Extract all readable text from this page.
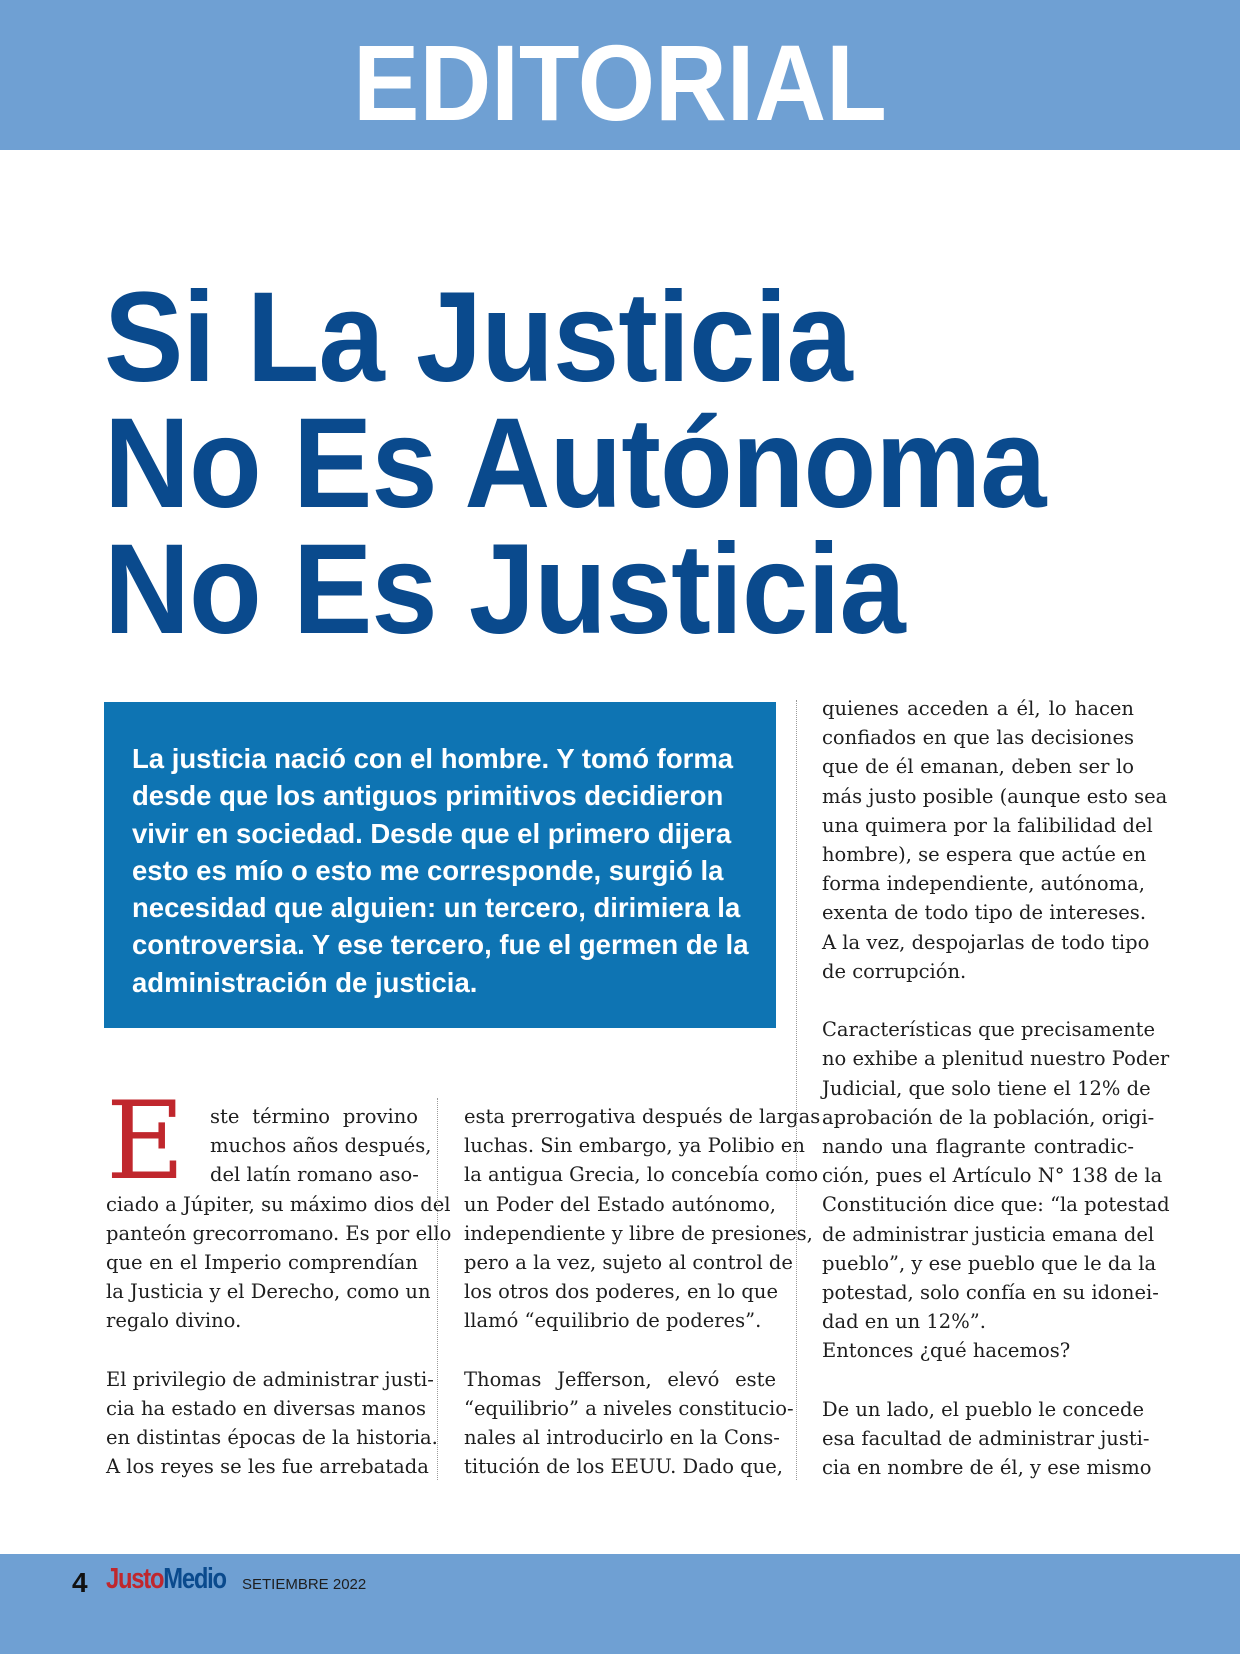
EDITORIAL
Si La Justicia
No Es Autónoma
No Es Justicia
La justicia nació con el hombre. Y tomó forma
desde que los antiguos primitivos decidieron
vivir en sociedad. Desde que el primero dijera
esto es mío o esto me corresponde, surgió la
necesidad que alguien: un tercero, dirimiera la
controversia. Y ese tercero, fue el germen de la
administración de justicia.
E ste término provino
muchos años después,
del latín romano aso-
ciado a Júpiter, su máximo dios del
panteón grecorromano. Es por ello
que en el Imperio comprendían
la Justicia y el Derecho, como un
regalo divino.
El privilegio de administrar justi-
cia ha estado en diversas manos
en distintas épocas de la historia.
A los reyes se les fue arrebatada
esta prerrogativa después de largas
luchas. Sin embargo, ya Polibio en
la antigua Grecia, lo concebía como
un Poder del Estado autónomo,
independiente y libre de presiones,
pero a la vez, sujeto al control de
los otros dos poderes, en lo que
llamó “equilibrio de poderes”.
Thomas Jefferson, elevó este
“equilibrio” a niveles constitucio-
nales al introducirlo en la Cons-
titución de los EEUU. Dado que,
quienes acceden a él, lo hacen
confiados en que las decisiones
que de él emanan, deben ser lo
más justo posible (aunque esto sea
una quimera por la falibilidad del
hombre), se espera que actúe en
forma independiente, autónoma,
exenta de todo tipo de intereses.
A la vez, despojarlas de todo tipo
de corrupción.
Características que precisamente
no exhibe a plenitud nuestro Poder
Judicial, que solo tiene el 12% de
aprobación de la población, origi-
nando una flagrante contradic-
ción, pues el Artículo N° 138 de la
Constitución dice que: “la potestad
de administrar justicia emana del
pueblo”, y ese pueblo que le da la
potestad, solo confía en su idonei-
dad en un 12%”.
Entonces ¿qué hacemos?
De un lado, el pueblo le concede
esa facultad de administrar justi-
cia en nombre de él, y ese mismo
4 JustoMedio SETIEMBRE 2022
